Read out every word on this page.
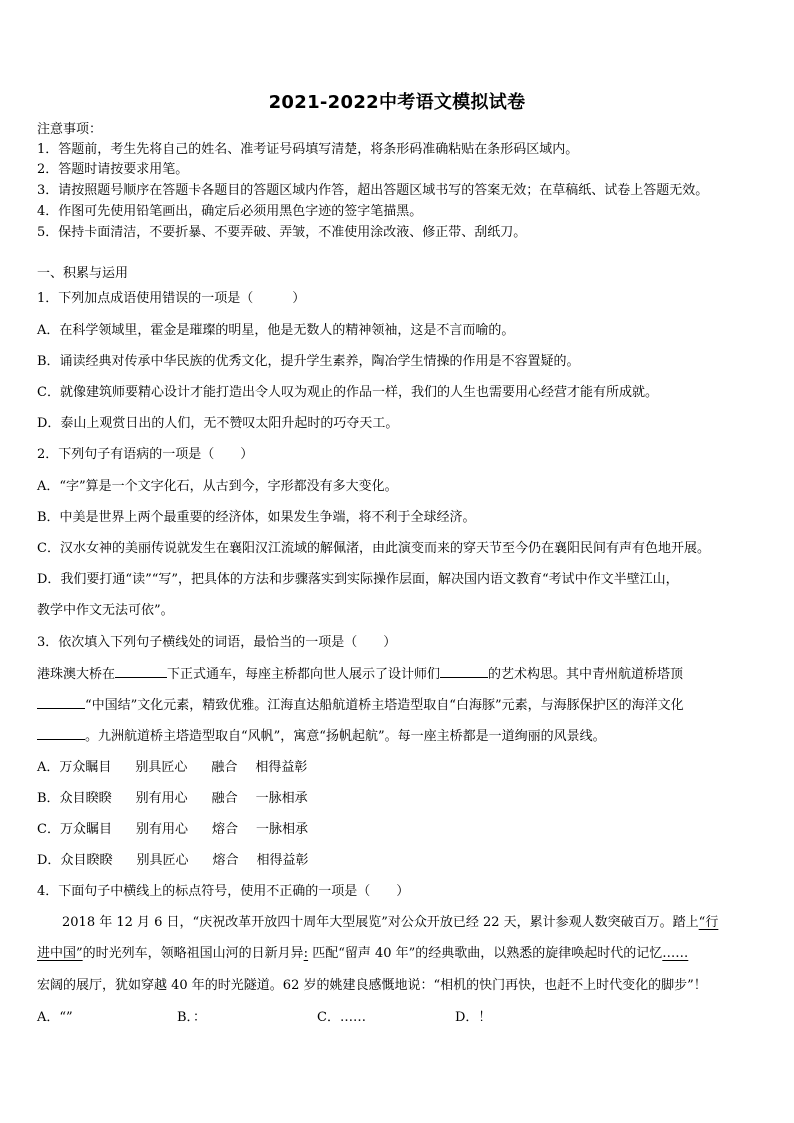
2021-2022中考语文模拟试卷
注意事项：
1．答题前，考生先将自己的姓名、准考证号码填写清楚，将条形码准确粘贴在条形码区域内。
2．答题时请按要求用笔。
3．请按照题号顺序在答题卡各题目的答题区域内作答，超出答题区域书写的答案无效；在草稿纸、试卷上答题无效。
4．作图可先使用铅笔画出，确定后必须用黑色字迹的签字笔描黑。
5．保持卡面清洁，不要折暴、不要弄破、弄皱，不准使用涂改液、修正带、刮纸刀。
一、积累与运用
1．下列加点成语使用错误的一项是（　　　）
A．在科学领域里，霍金是璀璨的明星，他是无数人的精神领袖，这是不言而喻的。
B．诵读经典对传承中华民族的优秀文化，提升学生素养，陶冶学生情操的作用是不容置疑的。
C．就像建筑师要精心设计才能打造出令人叹为观止的作品一样，我们的人生也需要用心经营才能有所成就。
D．泰山上观赏日出的人们，无不赞叹太阳升起时的巧夺天工。
2．下列句子有语病的一项是（　　）
A．“字”算是一个文字化石，从古到今，字形都没有多大变化。
B．中美是世界上两个最重要的经济体，如果发生争端，将不利于全球经济。
C．汉水女神的美丽传说就发生在襄阳汉江流域的解佩渚，由此演变而来的穿天节至今仍在襄阳民间有声有色地开展。
D．我们要打通“读”“写”，把具体的方法和步骤落实到实际操作层面，解决国内语文教育“考试中作文半壁江山，
教学中作文无法可依”。
3．依次填入下列句子横线处的词语，最恰当的一项是（　　）
港珠澳大桥在	下正式通车，每座主桥都向世人展示了设计师们	的艺术构思。其中青州航道桥塔顶
“中国结”文化元素，精致优雅。江海直达船航道桥主塔造型取自“白海豚”元素，与海豚保护区的海洋文化
。九洲航道桥主塔造型取自“风帆”，寓意“扬帆起航”。每一座主桥都是一道绚丽的风景线。
A．万众瞩目 别具匠心 融合 相得益彰
B．众目睽睽 别有用心 融合 一脉相承
C．万众瞩目 别有用心 熔合 一脉相承
D．众目睽睽 别具匠心 熔合 相得益彰
4．下面句子中横线上的标点符号，使用不正确的一项是（　　）
2018 年 12 月 6 日，“庆祝改革开放四十周年大型展览”对公众开放已经 22 天，累计参观人数突破百万。踏上“行
进中国”的时光列车，领略祖国山河的日新月异: 匹配“留声 40 年”的经典歌曲，以熟悉的旋律唤起时代的记忆……
宏阔的展厅，犹如穿越 40 年的时光隧道。62 岁的姚建良感慨地说：“相机的快门再快，也赶不上时代变化的脚步”！
A．“”	B．：	C．……	D．！
